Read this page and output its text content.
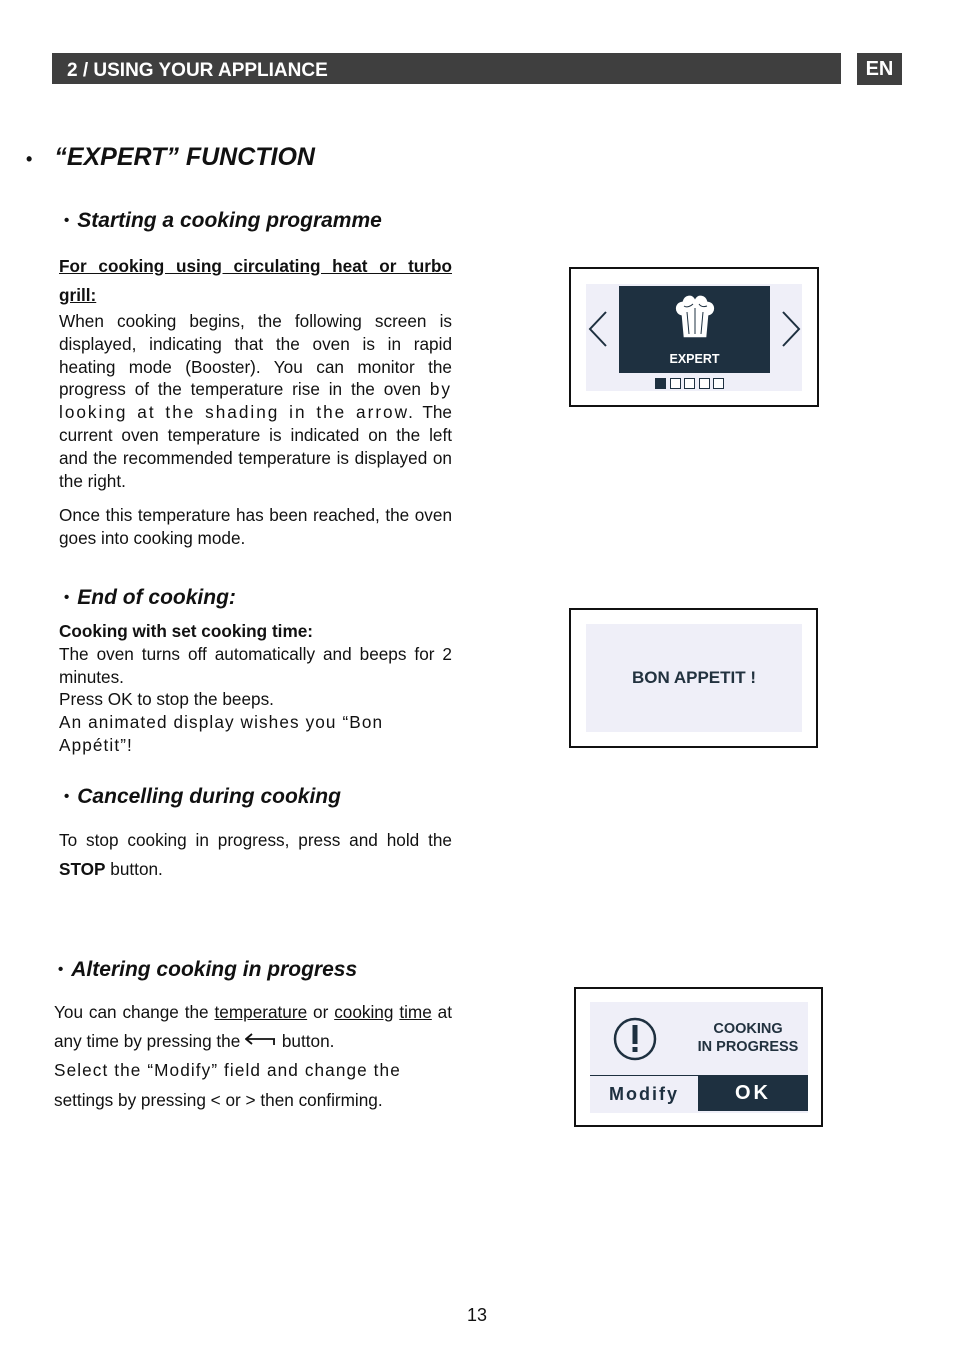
2 / USING YOUR APPLIANCE	EN
• “EXPERT” FUNCTION
• Starting a cooking programme

For cooking using circulating heat or turbo grill:

When cooking begins, the following screen is displayed, indicating that the oven is in rapid heating mode (Booster). You can monitor the progress of the temperature rise in the oven by looking at the shading in the arrow. The current oven temperature is indicated on the left and the recommended temperature is displayed on the right.

Once this temperature has been reached, the oven goes into cooking mode.

EXPERT
• End of cooking:

Cooking with set cooking time:

The oven turns off automatically and beeps for 2 minutes.

Press OK to stop the beeps.

An animated display wishes you “Bon Appétit”!

BON APPETIT !
• Cancelling during cooking

To stop cooking in progress, press and hold the STOP button.

• Altering cooking in progress

You can change the temperature or cooking time at any time by pressing the  button.

Select the “Modify” field and change the

settings by pressing < or > then confirming.

COOKING
IN PROGRESS
Modify	OK
13
